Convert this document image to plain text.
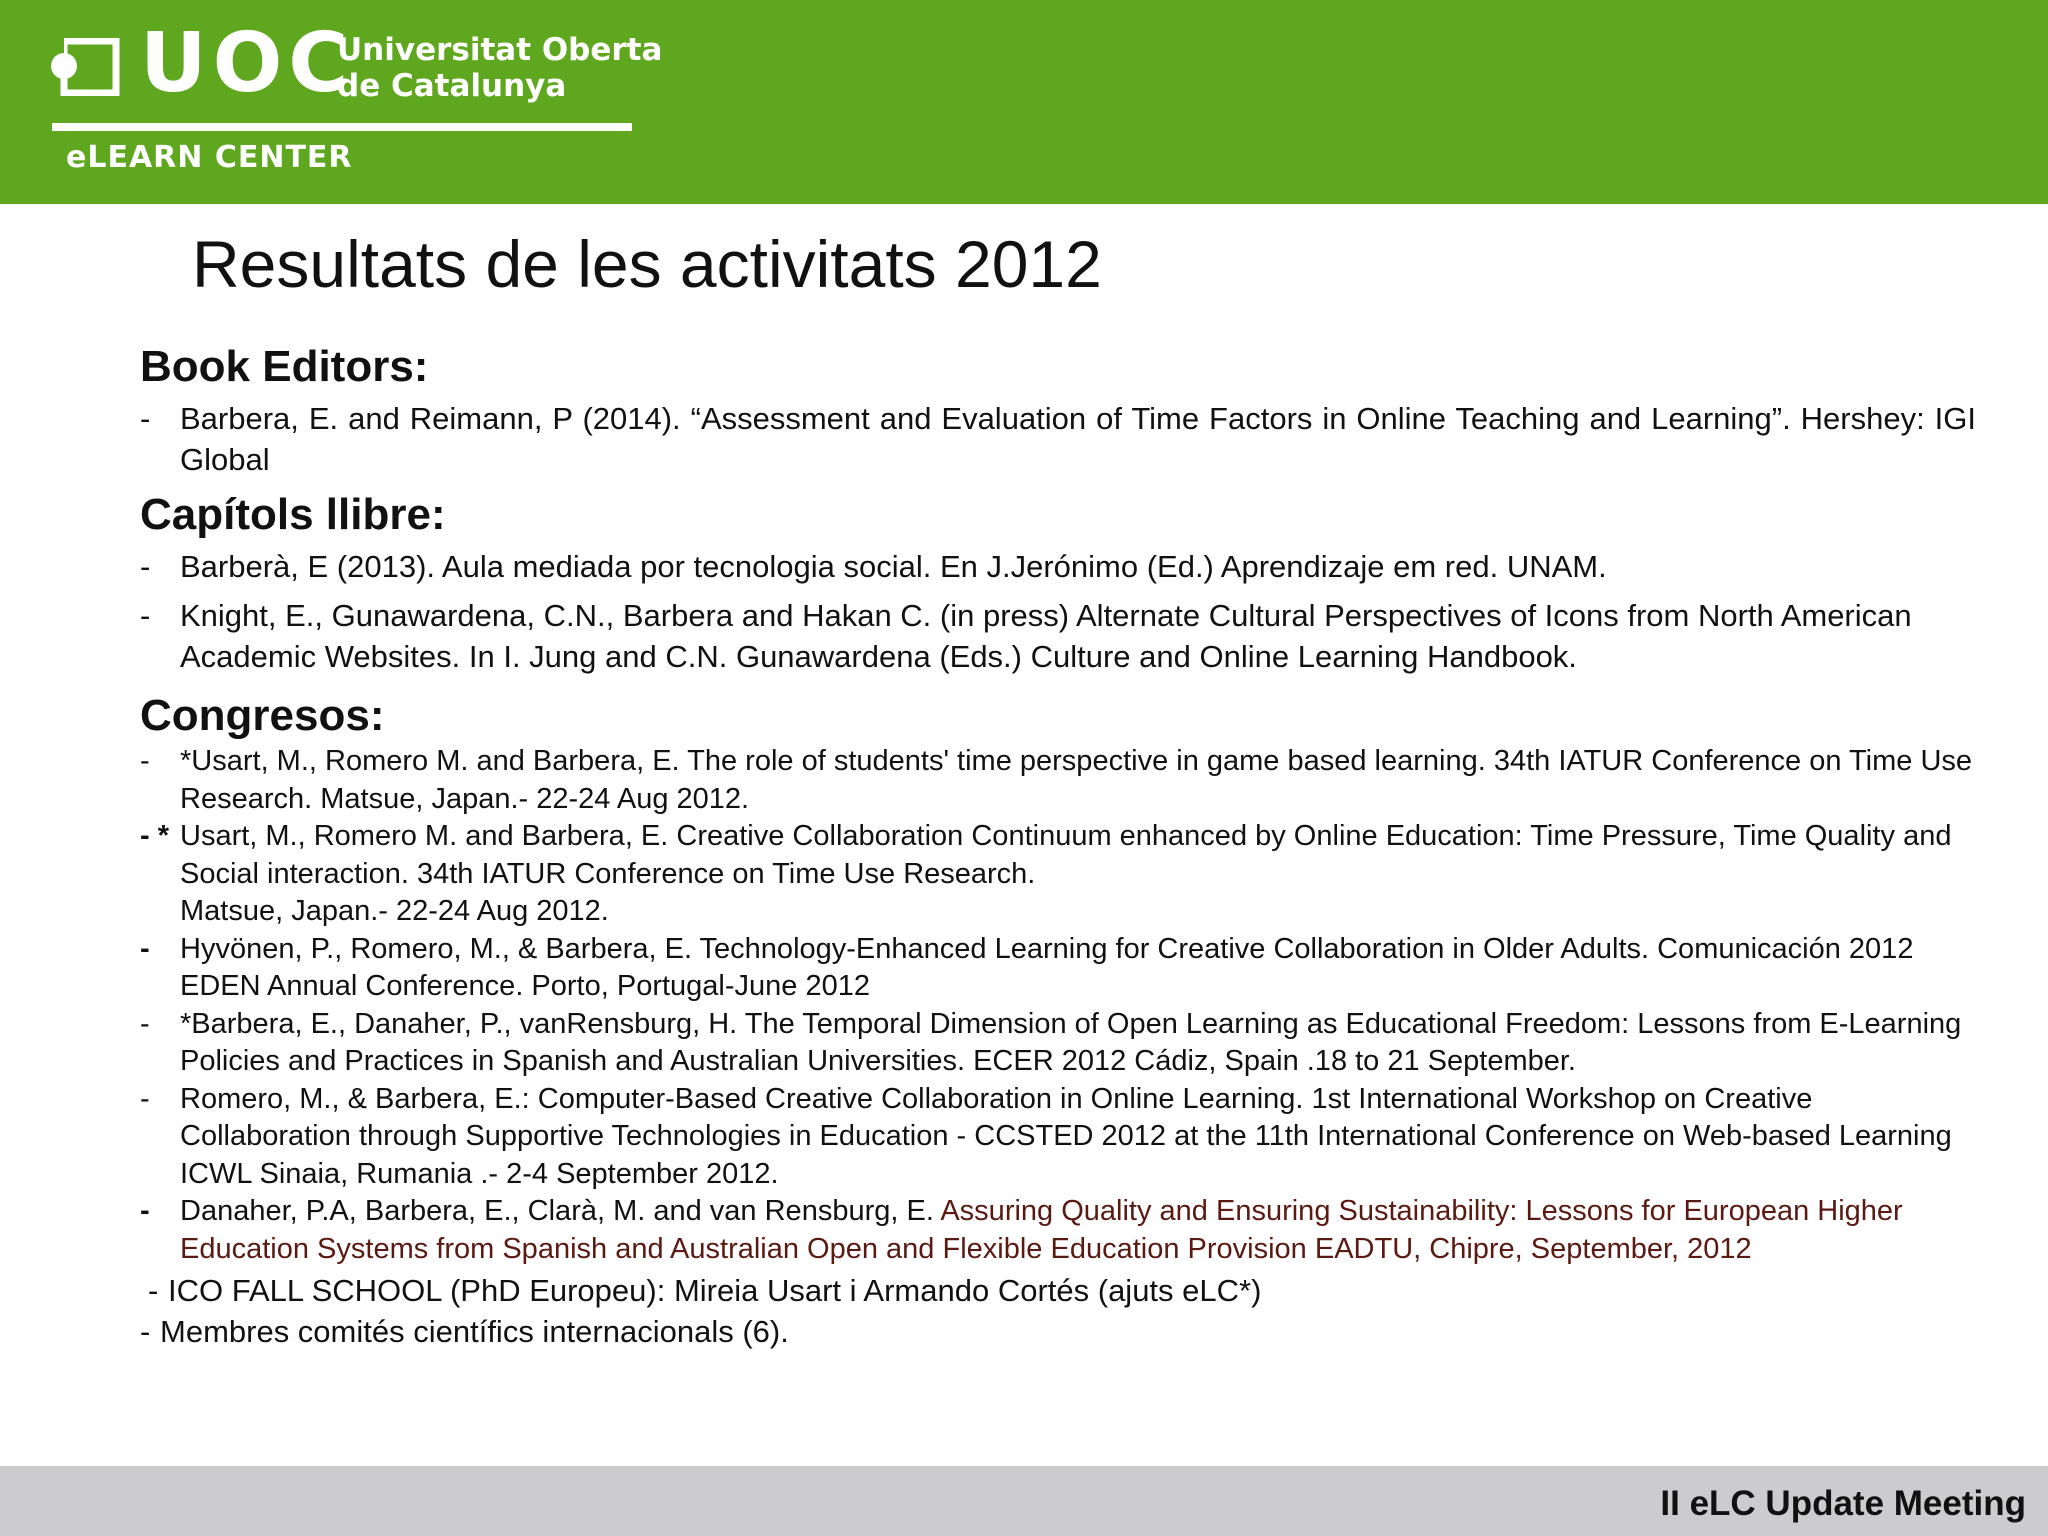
UOC
Universitat Oberta
de Catalunya
eLEARN CENTER
Resultats de les activitats 2012
Book Editors:
- Barbera, E. and Reimann, P (2014). “Assessment and Evaluation of Time Factors in Online Teaching and Learning”. Hershey: IGI Global
Capítols llibre:
- Barberà, E (2013). Aula mediada por tecnologia social. En J.Jerónimo (Ed.) Aprendizaje em red. UNAM.
- Knight, E., Gunawardena, C.N., Barbera and Hakan C. (in press) Alternate Cultural Perspectives of Icons from North American Academic Websites. In I. Jung and C.N. Gunawardena (Eds.) Culture and Online Learning Handbook.
Congresos:
- *Usart, M., Romero M. and Barbera, E. The role of students' time perspective in game based learning. 34th IATUR Conference on Time Use Research. Matsue, Japan.- 22-24 Aug 2012.
- * Usart, M., Romero M. and Barbera, E. Creative Collaboration Continuum enhanced by Online Education: Time Pressure, Time Quality and Social interaction. 34th IATUR Conference on Time Use Research.
Matsue, Japan.- 22-24 Aug 2012.
- Hyvönen, P., Romero, M., & Barbera, E. Technology-Enhanced Learning for Creative Collaboration in Older Adults. Comunicación 2012 EDEN Annual Conference. Porto, Portugal-June 2012
- *Barbera, E., Danaher, P., vanRensburg, H. The Temporal Dimension of Open Learning as Educational Freedom: Lessons from E-Learning Policies and Practices in Spanish and Australian Universities. ECER 2012 Cádiz, Spain .18 to 21 September.
- Romero, M., & Barbera, E.: Computer-Based Creative Collaboration in Online Learning. 1st International Workshop on Creative Collaboration through Supportive Technologies in Education - CCSTED 2012 at the 11th International Conference on Web-based Learning ICWL Sinaia, Rumania .- 2-4 September 2012.
- Danaher, P.A, Barbera, E., Clarà, M. and van Rensburg, E. Assuring Quality and Ensuring Sustainability: Lessons for European Higher Education Systems from Spanish and Australian Open and Flexible Education Provision EADTU, Chipre, September, 2012
- ICO FALL SCHOOL (PhD Europeu): Mireia Usart i Armando Cortés (ajuts eLC*)
- Membres comités científics internacionals (6).
II eLC Update Meeting
